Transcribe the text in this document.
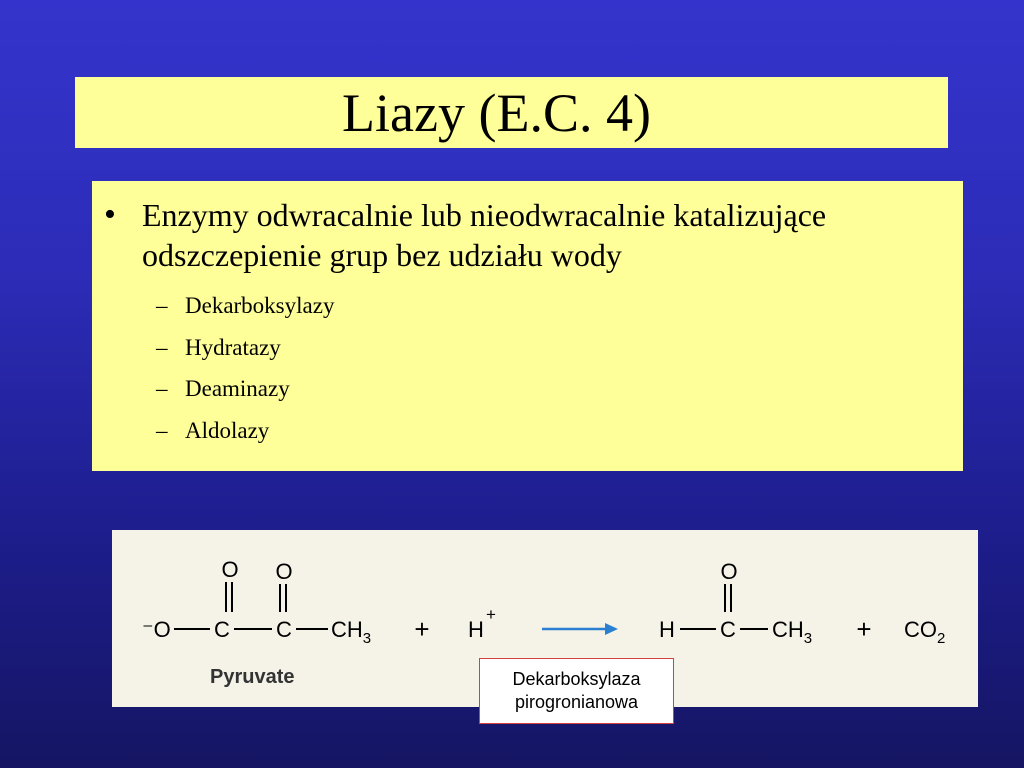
Liazy (E.C. 4)
• Enzymy odwracalnie lub nieodwracalnie katalizujące odszczepienie grup bez udziału wody
– Dekarboksylazy
– Hydratazy
– Deaminazy
– Aldolazy
⁻O C C $CH_3$
O O
Pyruvate
+ H
+
H C $CH_3$
O
+ $CO_2$
Dekarboksylaza
pirogronianowa
